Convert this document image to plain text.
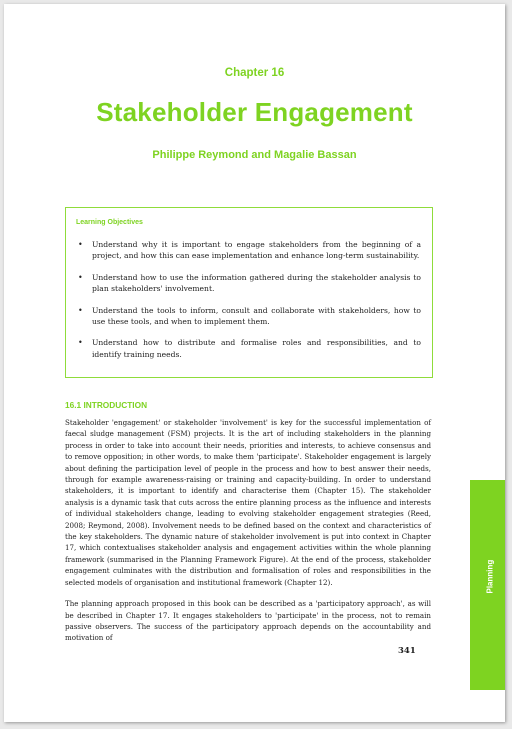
Chapter 16
Stakeholder Engagement
Philippe Reymond and Magalie Bassan
Learning Objectives
• Understand why it is important to engage stakeholders from the beginning of a project, and how this can ease implementation and enhance long-term sustainability.
• Understand how to use the information gathered during the stakeholder analysis to plan stakeholders' involvement.
• Understand the tools to inform, consult and collaborate with stakeholders, how to use these tools, and when to implement them.
• Understand how to distribute and formalise roles and responsibilities, and to identify training needs.
16.1 INTRODUCTION

Stakeholder 'engagement' or stakeholder 'involvement' is key for the successful implementation of faecal sludge management (FSM) projects. It is the art of including stakeholders in the planning process in order to take into account their needs, priorities and interests, to achieve consensus and to remove opposition; in other words, to make them 'participate'. Stakeholder engagement is largely about defining the participation level of people in the process and how to best answer their needs, through for example awareness-raising or training and capacity-building. In order to understand stakeholders, it is important to identify and characterise them (Chapter 15). The stakeholder analysis is a dynamic task that cuts across the entire planning process as the influence and interests of individual stakeholders change, leading to evolving stakeholder engagement strategies (Reed, 2008; Reymond, 2008). Involvement needs to be defined based on the context and characteristics of the key stakeholders. The dynamic nature of stakeholder involvement is put into context in Chapter 17, which contextualises stakeholder analysis and engagement activities within the whole planning framework (summarised in the Planning Framework Figure). At the end of the process, stakeholder engagement culminates with the distribution and formalisation of roles and responsibilities in the selected models of organisation and institutional framework (Chapter 12).

The planning approach proposed in this book can be described as a 'participatory approach', as will be described in Chapter 17. It engages stakeholders to 'participate' in the process, not to remain passive observers. The success of the participatory approach depends on the accountability and motivation of

341
Planning
